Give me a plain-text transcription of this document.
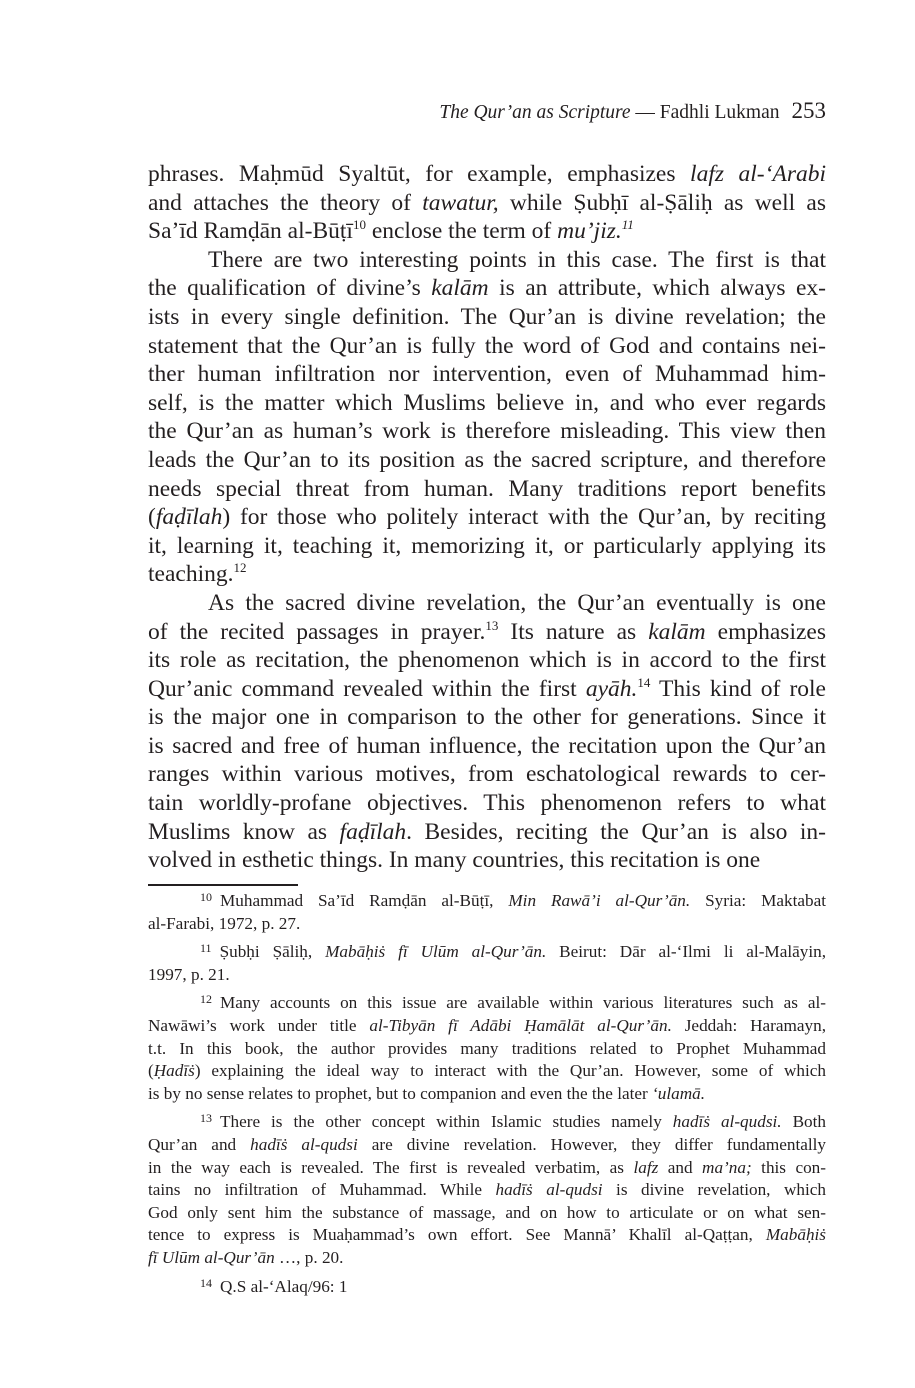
The Qur’an as Scripture — Fadhli Lukman 253
phrases. Maḥmūd Syaltūt, for example, emphasizes lafz al-‘Arabi
and attaches the theory of tawatur, while Ṣubḥī al-Ṣāliḥ as well as
Sa’īd Ramḍān al-Būṭī$^{10}$ enclose the term of mu’jiz.$^{11}$
There are two interesting points in this case. The first is that
the qualification of divine’s kalām is an attribute, which always ex-
ists in every single definition. The Qur’an is divine revelation; the
statement that the Qur’an is fully the word of God and contains nei-
ther human infiltration nor intervention, even of Muhammad him-
self, is the matter which Muslims believe in, and who ever regards
the Qur’an as human’s work is therefore misleading. This view then
leads the Qur’an to its position as the sacred scripture, and therefore
needs special threat from human. Many traditions report benefits
(faḍīlah) for those who politely interact with the Qur’an, by reciting
it, learning it, teaching it, memorizing it, or particularly applying its
teaching.$^{12}$
As the sacred divine revelation, the Qur’an eventually is one
of the recited passages in prayer.$^{13}$ Its nature as kalām emphasizes
its role as recitation, the phenomenon which is in accord to the first
Qur’anic command revealed within the first ayāh.$^{14}$ This kind of role
is the major one in comparison to the other for generations. Since it
is sacred and free of human influence, the recitation upon the Qur’an
ranges within various motives, from eschatological rewards to cer-
tain worldly-profane objectives. This phenomenon refers to what
Muslims know as faḍīlah. Besides, reciting the Qur’an is also in-
volved in esthetic things. In many countries, this recitation is one
$^{10}$ Muhammad Sa’īd Ramḍān al-Būṭī, Min Rawā’i al-Qur’ān. Syria: Maktabat
al-Farabi, 1972, p. 27.
$^{11}$ Ṣubḥi Ṣāliḥ, Mabāḥiṡ fī Ulūm al-Qur’ān. Beirut: Dār al-‘Ilmi li al-Malāyin,
1997, p. 21.
$^{12}$ Many accounts on this issue are available within various literatures such as al-
Nawāwi’s work under title al-Tibyān fī Adābi Ḥamālāt al-Qur’ān. Jeddah: Haramayn,
t.t. In this book, the author provides many traditions related to Prophet Muhammad
(Ḥadīṡ) explaining the ideal way to interact with the Qur’an. However, some of which
is by no sense relates to prophet, but to companion and even the the later ‘ulamā.
$^{13}$ There is the other concept within Islamic studies namely hadīṡ al-qudsi. Both
Qur’an and hadīṡ al-qudsi are divine revelation. However, they differ fundamentally
in the way each is revealed. The first is revealed verbatim, as lafz and ma’na; this con-
tains no infiltration of Muhammad. While hadīṡ al-qudsi is divine revelation, which
God only sent him the substance of massage, and on how to articulate or on what sen-
tence to express is Muaḥammad’s own effort. See Mannā’ Khalīl al-Qaṭṭan, Mabāḥiṡ
fī Ulūm al-Qur’ān …, p. 20.
$^{14}$ Q.S al-‘Alaq/96: 1
